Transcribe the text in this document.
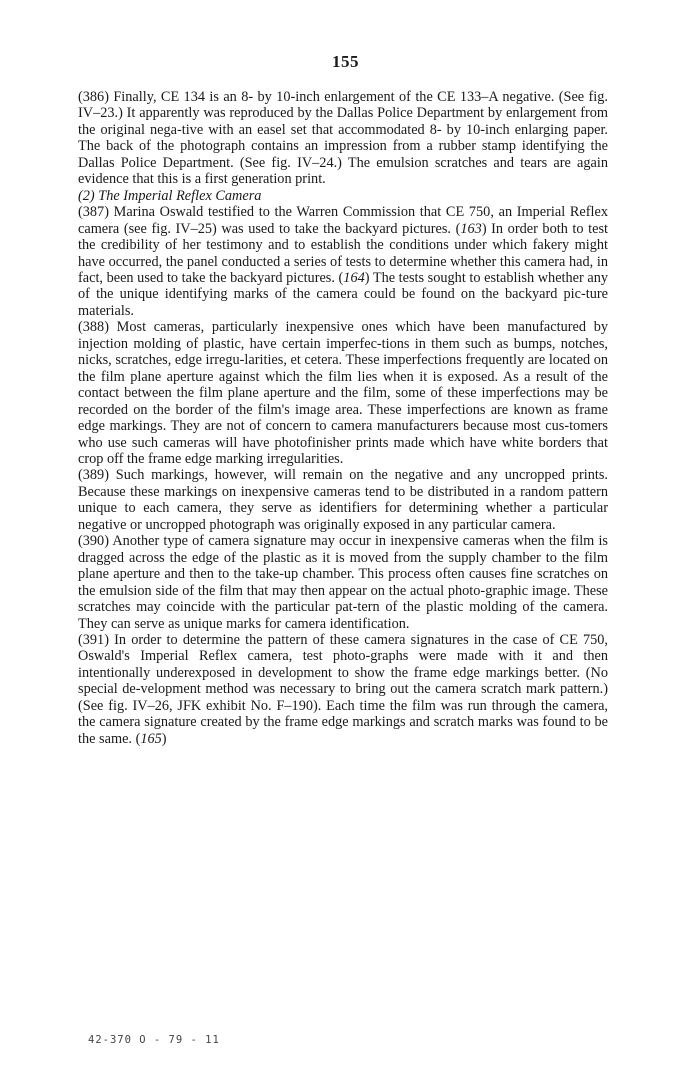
155

(386) Finally, CE 134 is an 8- by 10-inch enlargement of the CE 133–A negative. (See fig. IV–23.) It apparently was reproduced by the Dallas Police Department by enlargement from the original nega-tive with an easel set that accommodated 8- by 10-inch enlarging paper. The back of the photograph contains an impression from a rubber stamp identifying the Dallas Police Department. (See fig. IV–24.) The emulsion scratches and tears are again evidence that this is a first generation print.

(2) The Imperial Reflex Camera

(387) Marina Oswald testified to the Warren Commission that CE 750, an Imperial Reflex camera (see fig. IV–25) was used to take the backyard pictures. (163) In order both to test the credibility of her testimony and to establish the conditions under which fakery might have occurred, the panel conducted a series of tests to determine whether this camera had, in fact, been used to take the backyard pictures. (164) The tests sought to establish whether any of the unique identifying marks of the camera could be found on the backyard pic-ture materials.

(388) Most cameras, particularly inexpensive ones which have been manufactured by injection molding of plastic, have certain imperfec-tions in them such as bumps, notches, nicks, scratches, edge irregu-larities, et cetera. These imperfections frequently are located on the film plane aperture against which the film lies when it is exposed. As a result of the contact between the film plane aperture and the film, some of these imperfections may be recorded on the border of the film's image area. These imperfections are known as frame edge markings. They are not of concern to camera manufacturers because most cus-tomers who use such cameras will have photofinisher prints made which have white borders that crop off the frame edge marking irregularities.

(389) Such markings, however, will remain on the negative and any uncropped prints. Because these markings on inexpensive cameras tend to be distributed in a random pattern unique to each camera, they serve as identifiers for determining whether a particular negative or uncropped photograph was originally exposed in any particular camera.

(390) Another type of camera signature may occur in inexpensive cameras when the film is dragged across the edge of the plastic as it is moved from the supply chamber to the film plane aperture and then to the take-up chamber. This process often causes fine scratches on the emulsion side of the film that may then appear on the actual photo-graphic image. These scratches may coincide with the particular pat-tern of the plastic molding of the camera. They can serve as unique marks for camera identification.

(391) In order to determine the pattern of these camera signatures in the case of CE 750, Oswald's Imperial Reflex camera, test photo-graphs were made with it and then intentionally underexposed in development to show the frame edge markings better. (No special de-velopment method was necessary to bring out the camera scratch mark pattern.) (See fig. IV–26, JFK exhibit No. F–190). Each time the film was run through the camera, the camera signature created by the frame edge markings and scratch marks was found to be the same. (165)

42-370 O - 79 - 11
